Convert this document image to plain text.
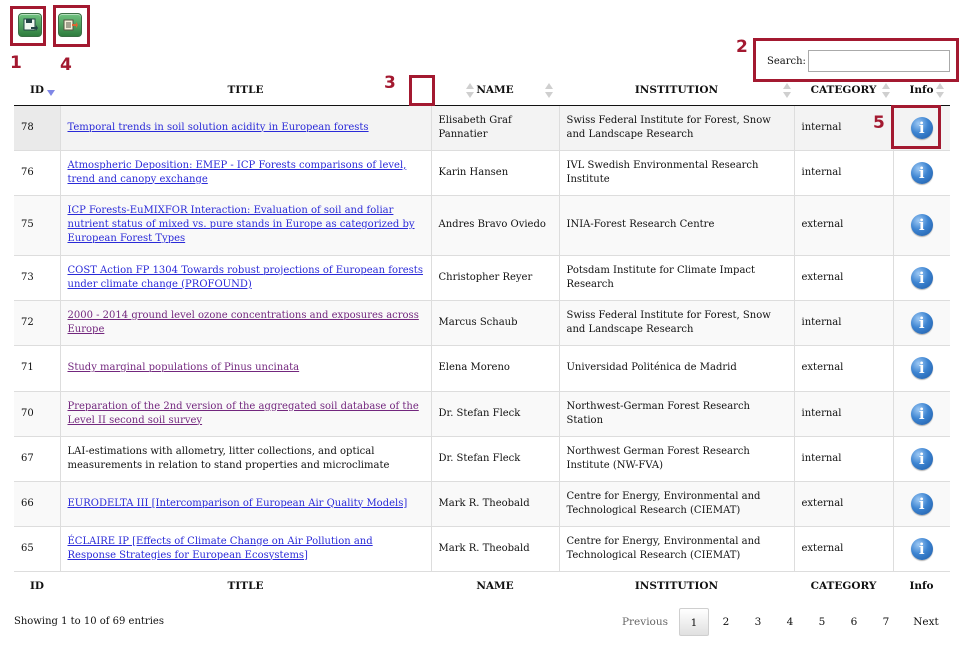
Search:
ID	TITLE	NAME	INSTITUTION	CATEGORY	Info

78	Temporal trends in soil solution acidity in European forests	Elisabeth Graf Pannatier	Swiss Federal Institute for Forest, Snow and Landscape Research	internal	i

76	Atmospheric Deposition: EMEP - ICP Forests comparisons of level, trend and canopy exchange	Karin Hansen	IVL Swedish Environmental Research Institute	internal	i

75	ICP Forests-EuMIXFOR Interaction: Evaluation of soil and foliar nutrient status of mixed vs. pure stands in Europe as categorized by European Forest Types	Andres Bravo Oviedo	INIA-Forest Research Centre	external	i

73	COST Action FP 1304 Towards robust projections of European forests under climate change (PROFOUND)	Christopher Reyer	Potsdam Institute for Climate Impact Research	external	i

72	2000 - 2014 ground level ozone concentrations and exposures across Europe	Marcus Schaub	Swiss Federal Institute for Forest, Snow and Landscape Research	internal	i

71	Study marginal populations of Pinus uncinata	Elena Moreno	Universidad Politénica de Madrid	external	i

70	Preparation of the 2nd version of the aggregated soil database of the Level II second soil survey	Dr. Stefan Fleck	Northwest-German Forest Research Station	internal	i

67	LAI-estimations with allometry, litter collections, and optical measurements in relation to stand properties and microclimate	Dr. Stefan Fleck	Northwest German Forest Research Institute (NW-FVA)	internal	i

66	EURODELTA III [Intercomparison of European Air Quality Models]	Mark R. Theobald	Centre for Energy, Environmental and Technological Research (CIEMAT)	external	i

65	ÉCLAIRE IP [Effects of Climate Change on Air Pollution and Response Strategies for European Ecosystems]	Mark R. Theobald	Centre for Energy, Environmental and Technological Research (CIEMAT)	external	i

ID	TITLE	NAME	INSTITUTION	CATEGORY	Info
Showing 1 to 10 of 69 entries	Previous	1	2	3	4	5	6	7	Next
1 4
2
3
5
